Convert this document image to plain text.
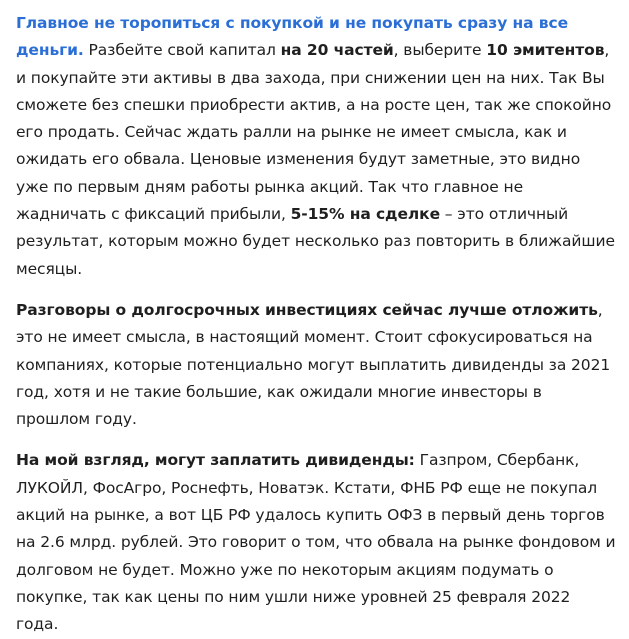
Главное не торопиться с покупкой и не покупать сразу на все деньги. Разбейте свой капитал на 20 частей, выберите 10 эмитентов, и покупайте эти активы в два захода, при снижении цен на них. Так Вы сможете без спешки приобрести актив, а на росте цен, так же спокойно его продать. Сейчас ждать ралли на рынке не имеет смысла, как и ожидать его обвала. Ценовые изменения будут заметные, это видно уже по первым дням работы рынка акций. Так что главное не жадничать с фиксаций прибыли, 5-15% на сделке – это отличный результат, которым можно будет несколько раз повторить в ближайшие месяцы.

Разговоры о долгосрочных инвестициях сейчас лучше отложить, это не имеет смысла, в настоящий момент. Стоит сфокусироваться на компаниях, которые потенциально могут выплатить дивиденды за 2021 год, хотя и не такие большие, как ожидали многие инвесторы в прошлом году.

На мой взгляд, могут заплатить дивиденды: Газпром, Сбербанк, ЛУКОЙЛ, ФосАгро, Роснефть, Новатэк. Кстати, ФНБ РФ еще не покупал акций на рынке, а вот ЦБ РФ удалось купить ОФЗ в первый день торгов на 2.6 млрд. рублей. Это говорит о том, что обвала на рынке фондовом и долговом не будет. Можно уже по некоторым акциям подумать о покупке, так как цены по ним ушли ниже уровней 25 февраля 2022 года.
